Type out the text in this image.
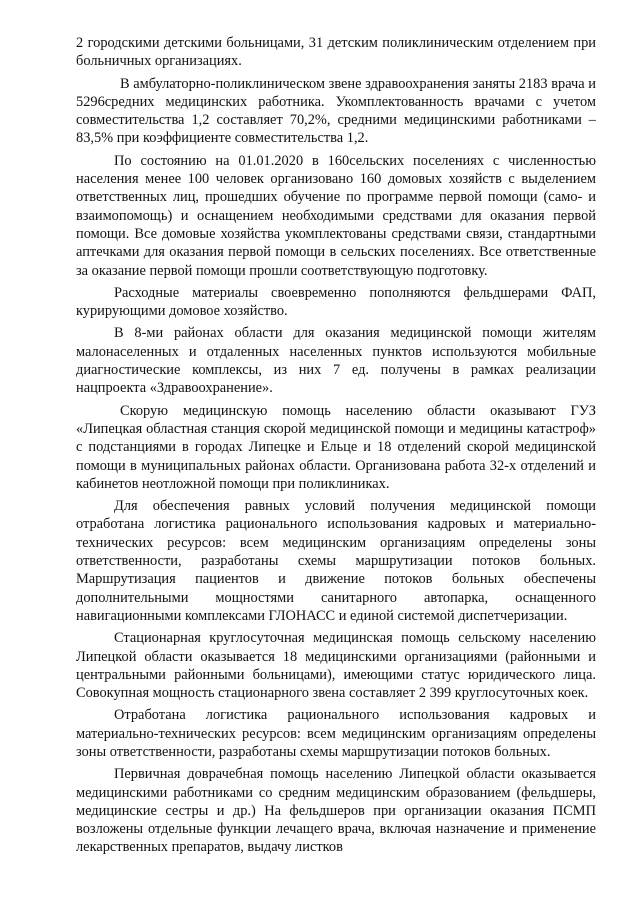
2 городскими детскими больницами, 31 детским поликлиническим отделением при больничных организациях.

В амбулаторно-поликлиническом звене здравоохранения заняты 2183 врача и 5296средних медицинских работника. Укомплектованность врачами с учетом совместительства 1,2 составляет 70,2%, средними медицинскими работниками – 83,5% при коэффициенте совместительства 1,2.

По состоянию на 01.01.2020 в 160сельских поселениях с численностью населения менее 100 человек организовано 160 домовых хозяйств с выделением ответственных лиц, прошедших обучение по программе первой помощи (само- и взаимопомощь) и оснащением необходимыми средствами для оказания первой помощи. Все домовые хозяйства укомплектованы средствами связи, стандартными аптечками для оказания первой помощи в сельских поселениях. Все ответственные за оказание первой помощи прошли соответствующую подготовку.

Расходные материалы своевременно пополняются фельдшерами ФАП, курирующими домовое хозяйство.

В 8-ми районах области для оказания медицинской помощи жителям малонаселенных и отдаленных населенных пунктов используются мобильные диагностические комплексы, из них 7 ед. получены в рамках реализации нацпроекта «Здравоохранение».

Скорую медицинскую помощь населению области оказывают ГУЗ «Липецкая областная станция скорой медицинской помощи и медицины катастроф» с подстанциями в городах Липецке и Ельце и 18 отделений скорой медицинской помощи в муниципальных районах области. Организована работа 32-х отделений и кабинетов неотложной помощи при поликлиниках.

Для обеспечения равных условий получения медицинской помощи отработана логистика рационального использования кадровых и материально-технических ресурсов: всем медицинским организациям определены зоны ответственности, разработаны схемы маршрутизации потоков больных. Маршрутизация пациентов и движение потоков больных обеспечены дополнительными мощностями санитарного автопарка, оснащенного навигационными комплексами ГЛОНАСС и единой системой диспетчеризации.

Стационарная круглосуточная медицинская помощь сельскому населению Липецкой области оказывается 18 медицинскими организациями (районными и центральными районными больницами), имеющими статус юридического лица. Совокупная мощность стационарного звена составляет 2 399 круглосуточных коек.

Отработана логистика рационального использования кадровых и материально-технических ресурсов: всем медицинским организациям определены зоны ответственности, разработаны схемы маршрутизации потоков больных.

Первичная доврачебная помощь населению Липецкой области оказывается медицинскими работниками со средним медицинским образованием (фельдшеры, медицинские сестры и др.) На фельдшеров при организации оказания ПСМП возложены отдельные функции лечащего врача, включая назначение и применение лекарственных препаратов, выдачу листков
